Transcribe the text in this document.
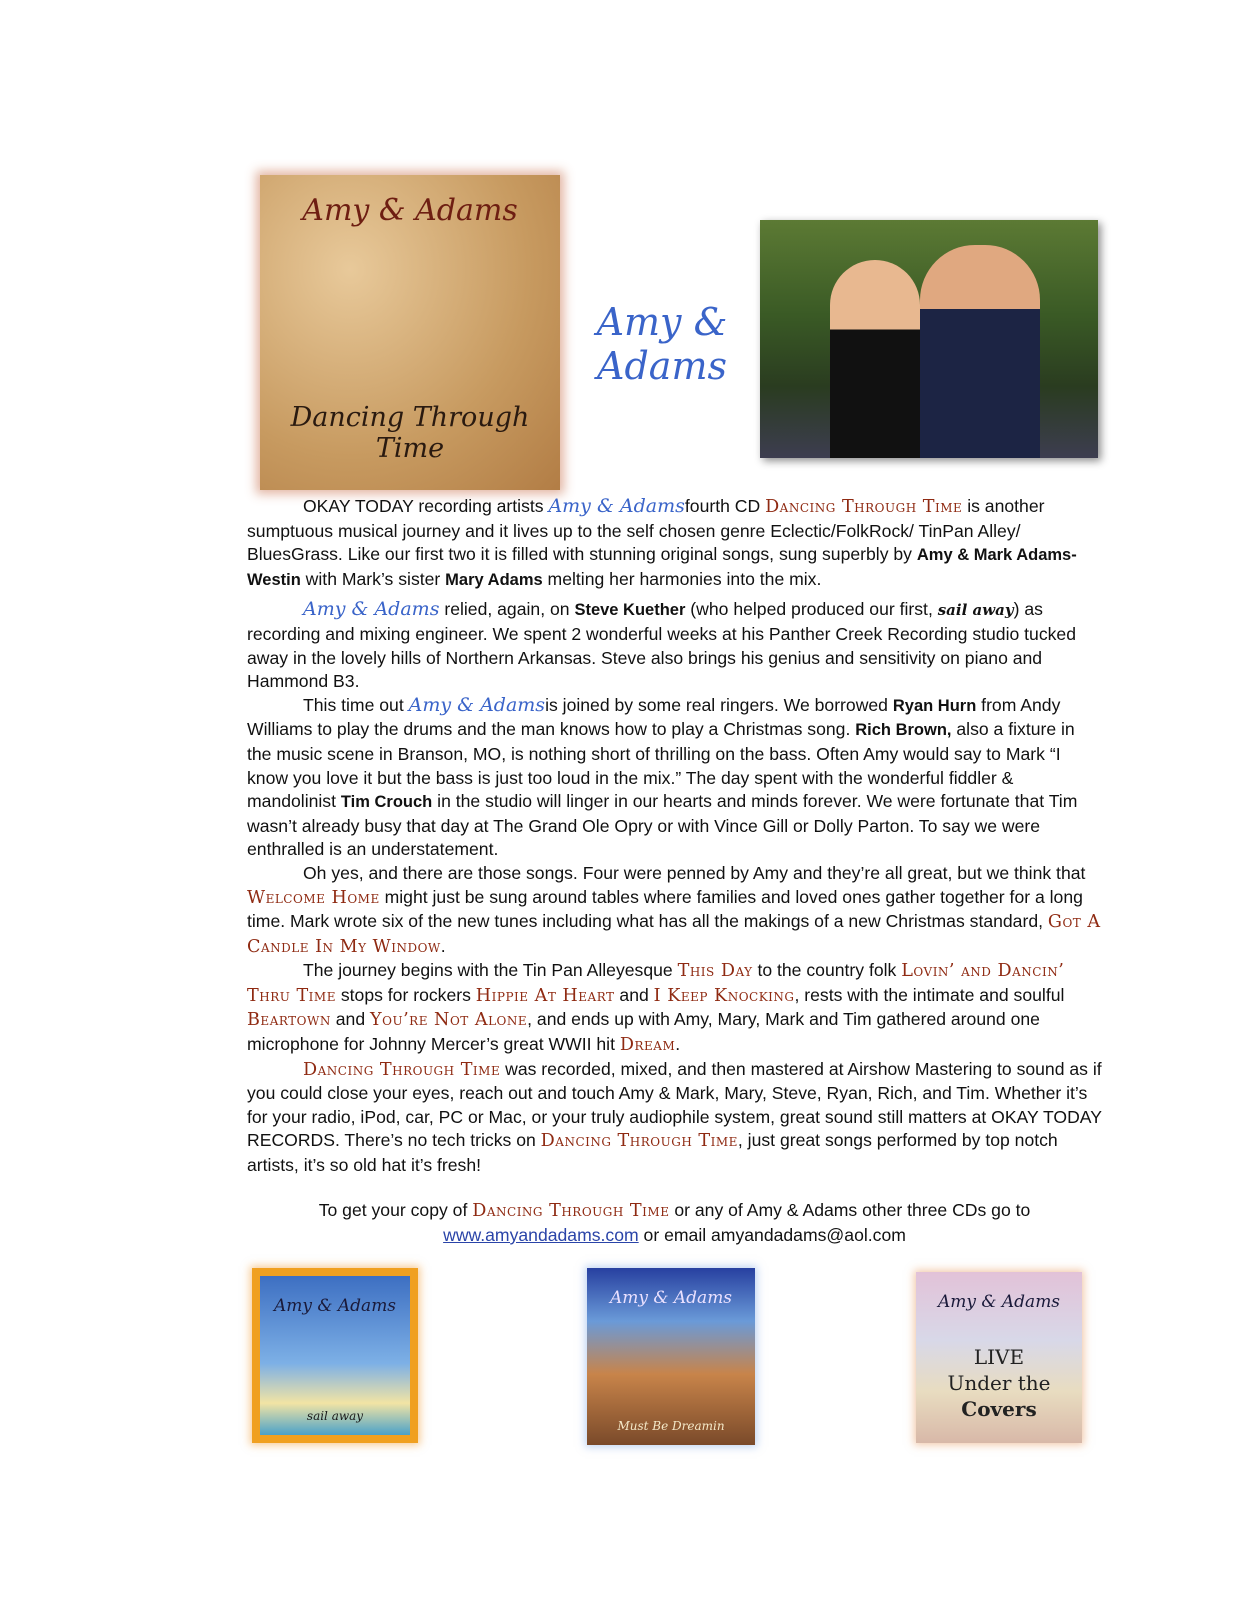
Amy & Adams
Dancing Through Time
Amy & Adams

OKAY TODAY recording artists Amy & Adamsfourth CD Dancing Through Time is another sumptuous musical journey and it lives up to the self chosen genre Eclectic/FolkRock/ TinPan Alley/ BluesGrass. Like our first two it is filled with stunning original songs, sung superbly by Amy & Mark Adams-Westin with Mark’s sister Mary Adams melting her harmonies into the mix.

Amy & Adams relied, again, on Steve Kuether (who helped produced our first, sail away) as recording and mixing engineer. We spent 2 wonderful weeks at his Panther Creek Recording studio tucked away in the lovely hills of Northern Arkansas. Steve also brings his genius and sensitivity on piano and Hammond B3.

This time out Amy & Adamsis joined by some real ringers. We borrowed Ryan Hurn from Andy Williams to play the drums and the man knows how to play a Christmas song. Rich Brown, also a fixture in the music scene in Branson, MO, is nothing short of thrilling on the bass. Often Amy would say to Mark “I know you love it but the bass is just too loud in the mix.” The day spent with the wonderful fiddler & mandolinist Tim Crouch in the studio will linger in our hearts and minds forever. We were fortunate that Tim wasn’t already busy that day at The Grand Ole Opry or with Vince Gill or Dolly Parton. To say we were enthralled is an understatement.

Oh yes, and there are those songs. Four were penned by Amy and they’re all great, but we think that Welcome Home might just be sung around tables where families and loved ones gather together for a long time. Mark wrote six of the new tunes including what has all the makings of a new Christmas standard, Got A Candle In My Window.

The journey begins with the Tin Pan Alleyesque This Day to the country folk Lovin’ and Dancin’ Thru Time stops for rockers Hippie At Heart and I Keep Knocking, rests with the intimate and soulful Beartown and You’re Not Alone, and ends up with Amy, Mary, Mark and Tim gathered around one microphone for Johnny Mercer’s great WWII hit Dream.

Dancing Through Time was recorded, mixed, and then mastered at Airshow Mastering to sound as if you could close your eyes, reach out and touch Amy & Mark, Mary, Steve, Ryan, Rich, and Tim. Whether it’s for your radio, iPod, car, PC or Mac, or your truly audiophile system, great sound still matters at OKAY TODAY RECORDS. There’s no tech tricks on Dancing Through Time, just great songs performed by top notch artists, it’s so old hat it’s fresh!

To get your copy of Dancing Through Time or any of Amy & Adams other three CDs go to
www.amyandadams.com or email amyandadams@aol.com
Amy & Adams
sail away
Amy & Adams
Must Be Dreamin
Amy & Adams
LIVE
Under the
Covers
